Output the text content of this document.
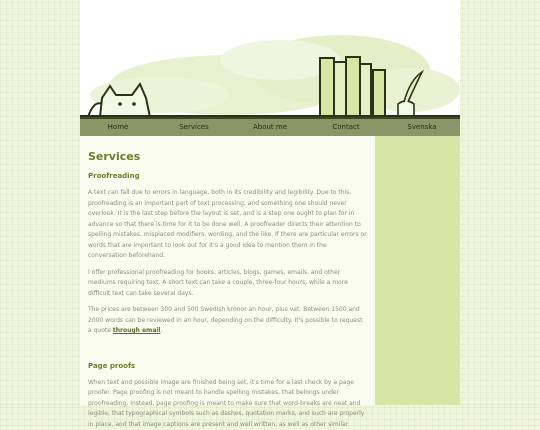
Home	Services	About me	Contact	Svenska
Services
Proofreading

A text can fall due to errors in language, both in its credibility and legibility. Due to this, proofreading is an important part of text processing, and something one should never overlook. It is the last step before the layout is set, and is a step one ought to plan for in advance so that there is time for it to be done well. A proofreader directs their attention to spelling mistakes, misplaced modifiers, wording, and the like. If there are particular errors or words that are important to look out for it's a good idea to mention them in the conversation beforehand.

I offer professional proofreading for books, articles, blogs, games, emails, and other mediums requiring text. A short text can take a couple, three-four hours, while a more difficult text can take several days.

The prices are between 300 and 500 Swedish kronor an hour, plus vat. Between 1500 and 2000 words can be reviewed in an hour, depending on the difficulty. It's possible to request a quote through email.

Page proofs

When text and possible image are finished being set, it's time for a last check by a page proofer. Page proofing is not meant to handle spelling mistakes, that belongs under proofreading. Instead, page proofing is meant to make sure that word-breaks are neat and legible, that typographical symbols such as dashes, quotation marks, and such are properly in place, and that image captions are present and well written, as well as other similar
